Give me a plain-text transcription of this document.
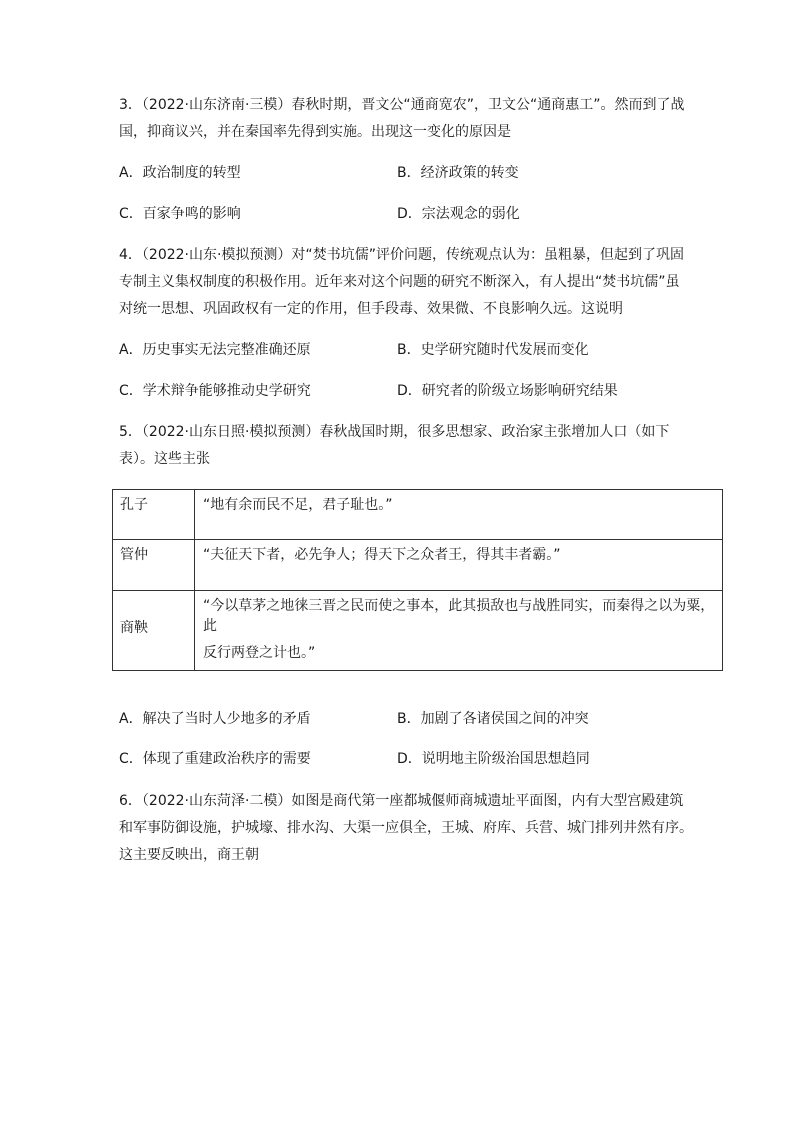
3．（2022·山东济南·三模）春秋时期，晋文公“通商宽农”，卫文公“通商惠工”。然而到了战
国，抑商议兴，并在秦国率先得到实施。出现这一变化的原因是
A．政治制度的转型	B．经济政策的转变
C．百家争鸣的影响	D．宗法观念的弱化
4．（2022·山东·模拟预测）对“焚书坑儒”评价问题，传统观点认为：虽粗暴，但起到了巩固
专制主义集权制度的积极作用。近年来对这个问题的研究不断深入，有人提出“焚书坑儒”虽
对统一思想、巩固政权有一定的作用，但手段毒、效果微、不良影响久远。这说明
A．历史事实无法完整准确还原	B．史学研究随时代发展而变化
C．学术辩争能够推动史学研究	D．研究者的阶级立场影响研究结果
5．（2022·山东日照·模拟预测）春秋战国时期，很多思想家、政治家主张增加人口（如下
表）。这些主张
孔子	“地有余而民不足，君子耻也。”

管仲	“夫征天下者，必先争人；得天下之众者王，得其丰者霸。”

商鞅	“今以草茅之地徕三晋之民而使之事本，此其损敌也与战胜同实，而秦得之以为粟，此
反行两登之计也。”
A．解决了当时人少地多的矛盾	B．加剧了各诸侯国之间的冲突
C．体现了重建政治秩序的需要	D．说明地主阶级治国思想趋同
6．（2022·山东菏泽·二模）如图是商代第一座都城偃师商城遗址平面图，内有大型宫殿建筑
和军事防御设施，护城壕、排水沟、大渠一应俱全，王城、府库、兵营、城门排列井然有序。
这主要反映出，商王朝
